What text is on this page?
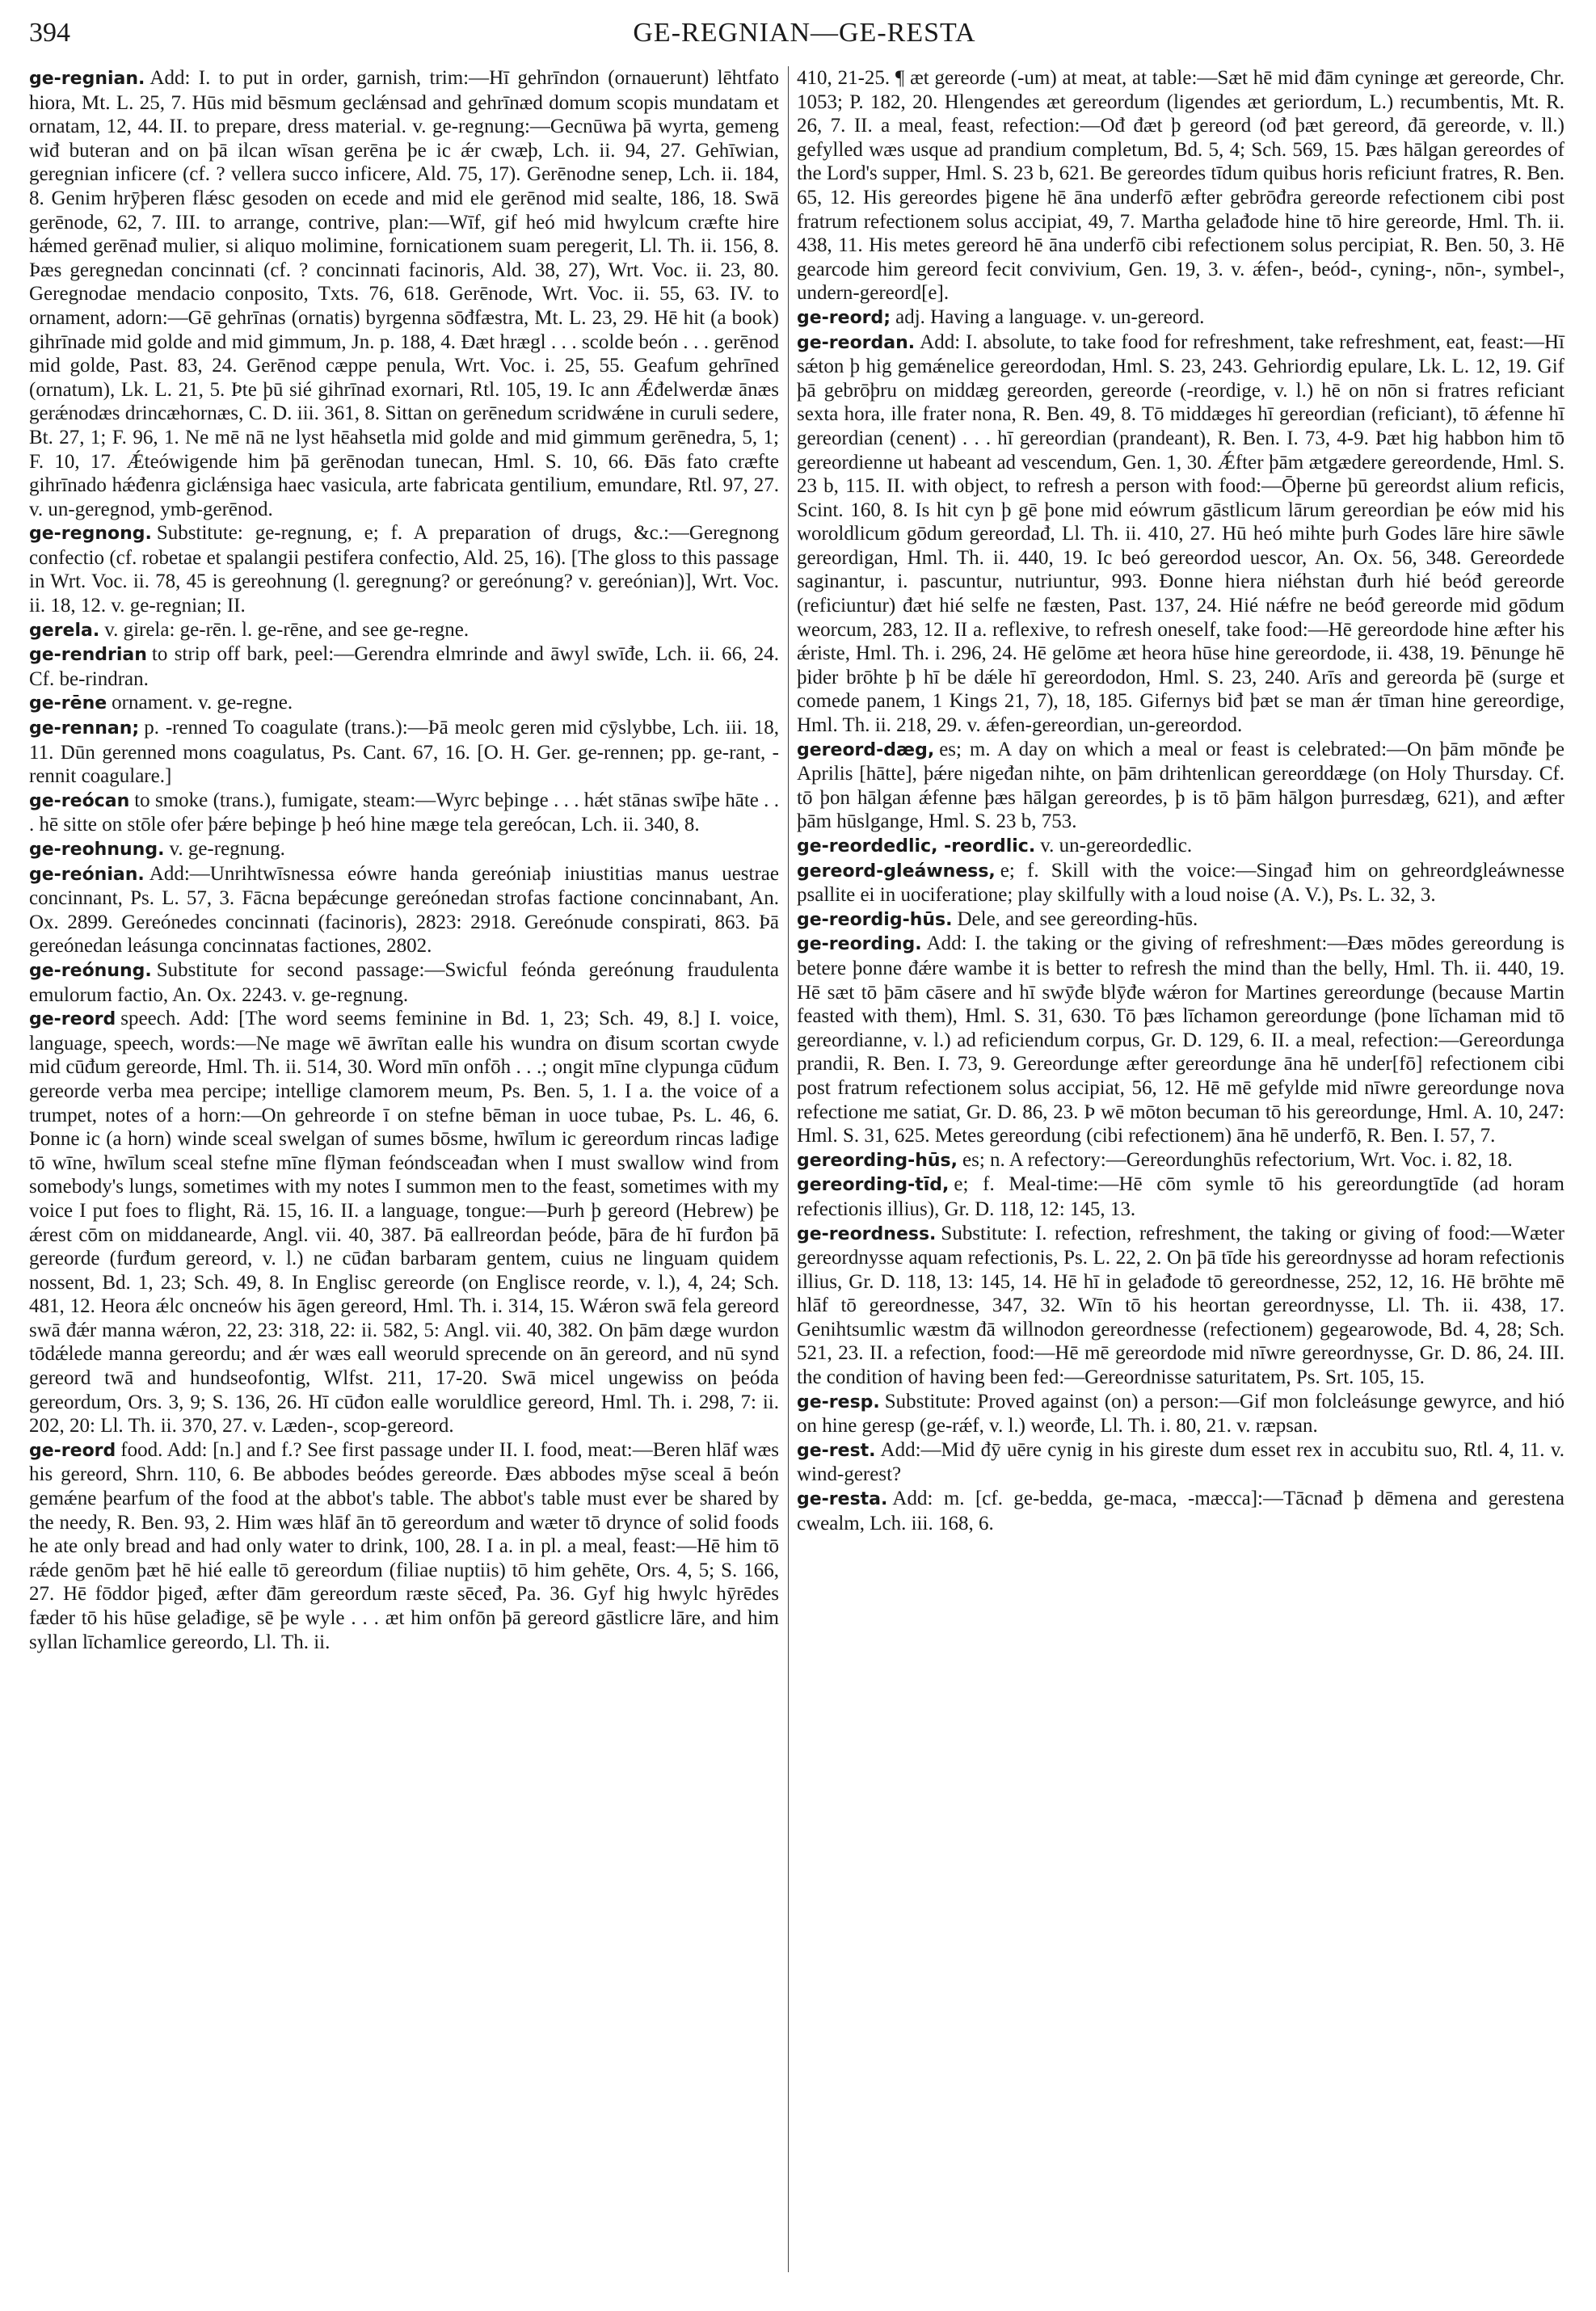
394	GE-REGNIAN—GE-RESTA

ge-regnian. Add: I. to put in order, garnish, trim:—Hī gehrīndon (ornauerunt) lēhtfato hiora, Mt. L. 25, 7. Hūs mid bēsmum geclǽnsad and gehrīnæd domum scopis mundatam et ornatam, 12, 44. II. to prepare, dress material. v. ge-regnung:—Gecnūwa þā wyrta, gemeng wiđ buteran and on þā ilcan wīsan gerēna þe ic ǽr cwæþ, Lch. ii. 94, 27. Gehīwian, geregnian inficere (cf. ? vellera succo inficere, Ald. 75, 17). Gerēnodne senep, Lch. ii. 184, 8. Genim hrȳþeren flǽsc gesoden on ecede and mid ele gerēnod mid sealte, 186, 18. Swā gerēnode, 62, 7. III. to arrange, contrive, plan:—Wīf, gif heó mid hwylcum cræfte hire hǽmed gerēnađ mulier, si aliquo molimine, fornicationem suam peregerit, Ll. Th. ii. 156, 8. Þæs geregnedan concinnati (cf. ? concinnati facinoris, Ald. 38, 27), Wrt. Voc. ii. 23, 80. Geregnodae mendacio conposito, Txts. 76, 618. Gerēnode, Wrt. Voc. ii. 55, 63. IV. to ornament, adorn:—Gē gehrīnas (ornatis) byrgenna sōđfæstra, Mt. L. 23, 29. Hē hit (a book) gihrīnade mid golde and mid gimmum, Jn. p. 188, 4. Đæt hrægl . . . scolde beón . . . gerēnod mid golde, Past. 83, 24. Gerēnod cæppe penula, Wrt. Voc. i. 25, 55. Geafum gehrīned (ornatum), Lk. L. 21, 5. Þte þū sié gihrīnad exornari, Rtl. 105, 19. Ic ann Ǽđelwerdæ ānæs gerǽnodæs drincæhornæs, C. D. iii. 361, 8. Sittan on gerēnedum scridwǽne in curuli sedere, Bt. 27, 1; F. 96, 1. Ne mē nā ne lyst hēahsetla mid golde and mid gimmum gerēnedra, 5, 1; F. 10, 17. Ǽteówigende him þā gerēnodan tunecan, Hml. S. 10, 66. Đās fato cræfte gihrīnado hǽđenra giclǽnsiga haec vasicula, arte fabricata gentilium, emundare, Rtl. 97, 27. v. un-geregnod, ymb-gerēnod.

ge-regnong. Substitute: ge-regnung, e; f. A preparation of drugs, &c.:—Geregnong confectio (cf. robetae et spalangii pestifera confectio, Ald. 25, 16). [The gloss to this passage in Wrt. Voc. ii. 78, 45 is gereohnung (l. geregnung? or gereónung? v. gereónian)], Wrt. Voc. ii. 18, 12. v. ge-regnian; II.

gerela. v. girela: ge-rēn. l. ge-rēne, and see ge-regne.

ge-rendrian to strip off bark, peel:—Gerendra elmrinde and āwyl swīđe, Lch. ii. 66, 24. Cf. be-rindran.

ge-rēne ornament. v. ge-regne.

ge-rennan; p. -renned To coagulate (trans.):—Þā meolc geren mid cȳslybbe, Lch. iii. 18, 11. Dūn gerenned mons coagulatus, Ps. Cant. 67, 16. [O. H. Ger. ge-rennen; pp. ge-rant, -rennit coagulare.]

ge-reócan to smoke (trans.), fumigate, steam:—Wyrc beþinge . . . hǽt stānas swīþe hāte . . . hē sitte on stōle ofer þǽre beþinge þ heó hine mæge tela gereócan, Lch. ii. 340, 8.

ge-reohnung. v. ge-regnung.

ge-reónian. Add:—Unrihtwīsnessa eówre handa gereóniaþ iniustitias manus uestrae concinnant, Ps. L. 57, 3. Fācna bepǽcunge gereónedan strofas factione concinnabant, An. Ox. 2899. Gereónedes concinnati (facinoris), 2823: 2918. Gereónude conspirati, 863. Þā gereónedan leásunga concinnatas factiones, 2802.

ge-reónung. Substitute for second passage:—Swicful feónda gereónung fraudulenta emulorum factio, An. Ox. 2243. v. ge-regnung.

ge-reord speech. Add: [The word seems feminine in Bd. 1, 23; Sch. 49, 8.] I. voice, language, speech, words:—Ne mage wē āwrītan ealle his wundra on đisum scortan cwyde mid cūđum gereorde, Hml. Th. ii. 514, 30. Word mīn onfōh . . .; ongit mīne clypunga cūđum gereorde verba mea percipe; intellige clamorem meum, Ps. Ben. 5, 1. I a. the voice of a trumpet, notes of a horn:—On gehreorde ī on stefne bēman in uoce tubae, Ps. L. 46, 6. Þonne ic (a horn) winde sceal swelgan of sumes bōsme, hwīlum ic gereordum rincas lađige tō wīne, hwīlum sceal stefne mīne flȳman feóndsceađan when I must swallow wind from somebody's lungs, sometimes with my notes I summon men to the feast, sometimes with my voice I put foes to flight, Rä. 15, 16. II. a language, tongue:—Þurh þ gereord (Hebrew) þe ǽrest cōm on middanearde, Angl. vii. 40, 387. Þā eallreordan þeóde, þāra đe hī furđon þā gereorde (furđum gereord, v. l.) ne cūđan barbaram gentem, cuius ne linguam quidem nossent, Bd. 1, 23; Sch. 49, 8. In Englisc gereorde (on Englisce reorde, v. l.), 4, 24; Sch. 481, 12. Heora ǽlc oncneów his āgen gereord, Hml. Th. i. 314, 15. Wǽron swā fela gereord swā đǽr manna wǽron, 22, 23: 318, 22: ii. 582, 5: Angl. vii. 40, 382. On þām dæge wurdon tōdǽlede manna gereordu; and ǽr wæs eall weoruld sprecende on ān gereord, and nū synd gereord twā and hundseofontig, Wlfst. 211, 17-20. Swā micel ungewiss on þeóda gereordum, Ors. 3, 9; S. 136, 26. Hī cūđon ealle woruldlice gereord, Hml. Th. i. 298, 7: ii. 202, 20: Ll. Th. ii. 370, 27. v. Læden-, scop-gereord.

ge-reord food. Add: [n.] and f.? See first passage under II. I. food, meat:—Beren hlāf wæs his gereord, Shrn. 110, 6. Be abbodes beódes gereorde. Đæs abbodes mȳse sceal ā beón gemǽne þearfum of the food at the abbot's table. The abbot's table must ever be shared by the needy, R. Ben. 93, 2. Him wæs hlāf ān tō gereordum and wæter tō drynce of solid foods he ate only bread and had only water to drink, 100, 28. I a. in pl. a meal, feast:—Hē him tō rǽde genōm þæt hē hié ealle tō gereordum (filiae nuptiis) tō him gehēte, Ors. 4, 5; S. 166, 27. Hē fōddor þigeđ, æfter đām gereordum ræste sēceđ, Pa. 36. Gyf hig hwylc hȳrēdes fæder tō his hūse gelađige, sē þe wyle . . . æt him onfōn þā gereord gāstlicre lāre, and him syllan līchamlice gereordo, Ll. Th. ii.

410, 21-25. ¶ æt gereorde (-um) at meat, at table:—Sæt hē mid đām cyninge æt gereorde, Chr. 1053; P. 182, 20. Hlengendes æt gereordum (ligendes æt geriordum, L.) recumbentis, Mt. R. 26, 7. II. a meal, feast, refection:—Ođ đæt þ gereord (ođ þæt gereord, đā gereorde, v. ll.) gefylled wæs usque ad prandium completum, Bd. 5, 4; Sch. 569, 15. Þæs hālgan gereordes of the Lord's supper, Hml. S. 23 b, 621. Be gereordes tīdum quibus horis reficiunt fratres, R. Ben. 65, 12. His gereordes þigene hē āna underfō æfter gebrōđra gereorde refectionem cibi post fratrum refectionem solus accipiat, 49, 7. Martha gelađode hine tō hire gereorde, Hml. Th. ii. 438, 11. His metes gereord hē āna underfō cibi refectionem solus percipiat, R. Ben. 50, 3. Hē gearcode him gereord fecit convivium, Gen. 19, 3. v. ǽfen-, beód-, cyning-, nōn-, symbel-, undern-gereord[e].

ge-reord; adj. Having a language. v. un-gereord.

ge-reordan. Add: I. absolute, to take food for refreshment, take refreshment, eat, feast:—Hī sǽton þ hig gemǽnelice gereordodan, Hml. S. 23, 243. Gehriordig epulare, Lk. L. 12, 19. Gif þā gebrōþru on middæg gereorden, gereorde (-reordige, v. l.) hē on nōn si fratres reficiant sexta hora, ille frater nona, R. Ben. 49, 8. Tō middæges hī gereordian (reficiant), tō ǽfenne hī gereordian (cenent) . . . hī gereordian (prandeant), R. Ben. I. 73, 4-9. Þæt hig habbon him tō gereordienne ut habeant ad vescendum, Gen. 1, 30. Ǽfter þām ætgædere gereordende, Hml. S. 23 b, 115. II. with object, to refresh a person with food:—Ōþerne þū gereordst alium reficis, Scint. 160, 8. Is hit cyn þ gē þone mid eówrum gāstlicum lārum gereordian þe eów mid his woroldlicum gōdum gereordađ, Ll. Th. ii. 410, 27. Hū heó mihte þurh Godes lāre hire sāwle gereordigan, Hml. Th. ii. 440, 19. Ic beó gereordod uescor, An. Ox. 56, 348. Gereordede saginantur, i. pascuntur, nutriuntur, 993. Đonne hiera niéhstan đurh hié beóđ gereorde (reficiuntur) đæt hié selfe ne fæsten, Past. 137, 24. Hié nǽfre ne beóđ gereorde mid gōdum weorcum, 283, 12. II a. reflexive, to refresh oneself, take food:—Hē gereordode hine æfter his ǽriste, Hml. Th. i. 296, 24. Hē gelōme æt heora hūse hine gereordode, ii. 438, 19. Þēnunge hē þider brōhte þ hī be dǽle hī gereordodon, Hml. S. 23, 240. Arīs and gereorda þē (surge et comede panem, 1 Kings 21, 7), 18, 185. Gifernys biđ þæt se man ǽr tīman hine gereordige, Hml. Th. ii. 218, 29. v. ǽfen-gereordian, un-gereordod.

gereord-dæg, es; m. A day on which a meal or feast is celebrated:—On þām mōnđe þe Aprilis [hātte], þǽre nigeđan nihte, on þām drihtenlican gereorddæge (on Holy Thursday. Cf. tō þon hālgan ǽfenne þæs hālgan gereordes, þ is tō þām hālgon þurresdæg, 621), and æfter þām hūslgange, Hml. S. 23 b, 753.

ge-reordedlic, -reordlic. v. un-gereordedlic.

gereord-gleáwness, e; f. Skill with the voice:—Singađ him on gehreordgleáwnesse psallite ei in uociferatione; play skilfully with a loud noise (A. V.), Ps. L. 32, 3.

ge-reordig-hūs. Dele, and see gereording-hūs.

ge-reording. Add: I. the taking or the giving of refreshment:—Đæs mōdes gereordung is betere þonne đǽre wambe it is better to refresh the mind than the belly, Hml. Th. ii. 440, 19. Hē sæt tō þām cāsere and hī swȳđe blȳđe wǽron for Martines gereordunge (because Martin feasted with them), Hml. S. 31, 630. Tō þæs līchamon gereordunge (þone līchaman mid tō gereordianne, v. l.) ad reficiendum corpus, Gr. D. 129, 6. II. a meal, refection:—Gereordunga prandii, R. Ben. I. 73, 9. Gereordunge æfter gereordunge āna hē under[fō] refectionem cibi post fratrum refectionem solus accipiat, 56, 12. Hē mē gefylde mid nīwre gereordunge nova refectione me satiat, Gr. D. 86, 23. Þ wē mōton becuman tō his gereordunge, Hml. A. 10, 247: Hml. S. 31, 625. Metes gereordung (cibi refectionem) āna hē underfō, R. Ben. I. 57, 7.

gereording-hūs, es; n. A refectory:—Gereordunghūs refectorium, Wrt. Voc. i. 82, 18.

gereording-tīd, e; f. Meal-time:—Hē cōm symle tō his gereordungtīde (ad horam refectionis illius), Gr. D. 118, 12: 145, 13.

ge-reordness. Substitute: I. refection, refreshment, the taking or giving of food:—Wæter gereordnysse aquam refectionis, Ps. L. 22, 2. On þā tīde his gereordnysse ad horam refectionis illius, Gr. D. 118, 13: 145, 14. Hē hī in gelađode tō gereordnesse, 252, 12, 16. Hē brōhte mē hlāf tō gereordnesse, 347, 32. Wīn tō his heortan gereordnysse, Ll. Th. ii. 438, 17. Genihtsumlic wæstm đā willnodon gereordnesse (refectionem) gegearowode, Bd. 4, 28; Sch. 521, 23. II. a refection, food:—Hē mē gereordode mid nīwre gereordnysse, Gr. D. 86, 24. III. the condition of having been fed:—Gereordnisse saturitatem, Ps. Srt. 105, 15.

ge-resp. Substitute: Proved against (on) a person:—Gif mon folcleásunge gewyrce, and hió on hine geresp (ge-rǽf, v. l.) weorđe, Ll. Th. i. 80, 21. v. ræpsan.

ge-rest. Add:—Mid đȳ uēre cynig in his gireste dum esset rex in accubitu suo, Rtl. 4, 11. v. wind-gerest?

ge-resta. Add: m. [cf. ge-bedda, ge-maca, -mæcca]:—Tācnađ þ dēmena and gerestena cwealm, Lch. iii. 168, 6.
